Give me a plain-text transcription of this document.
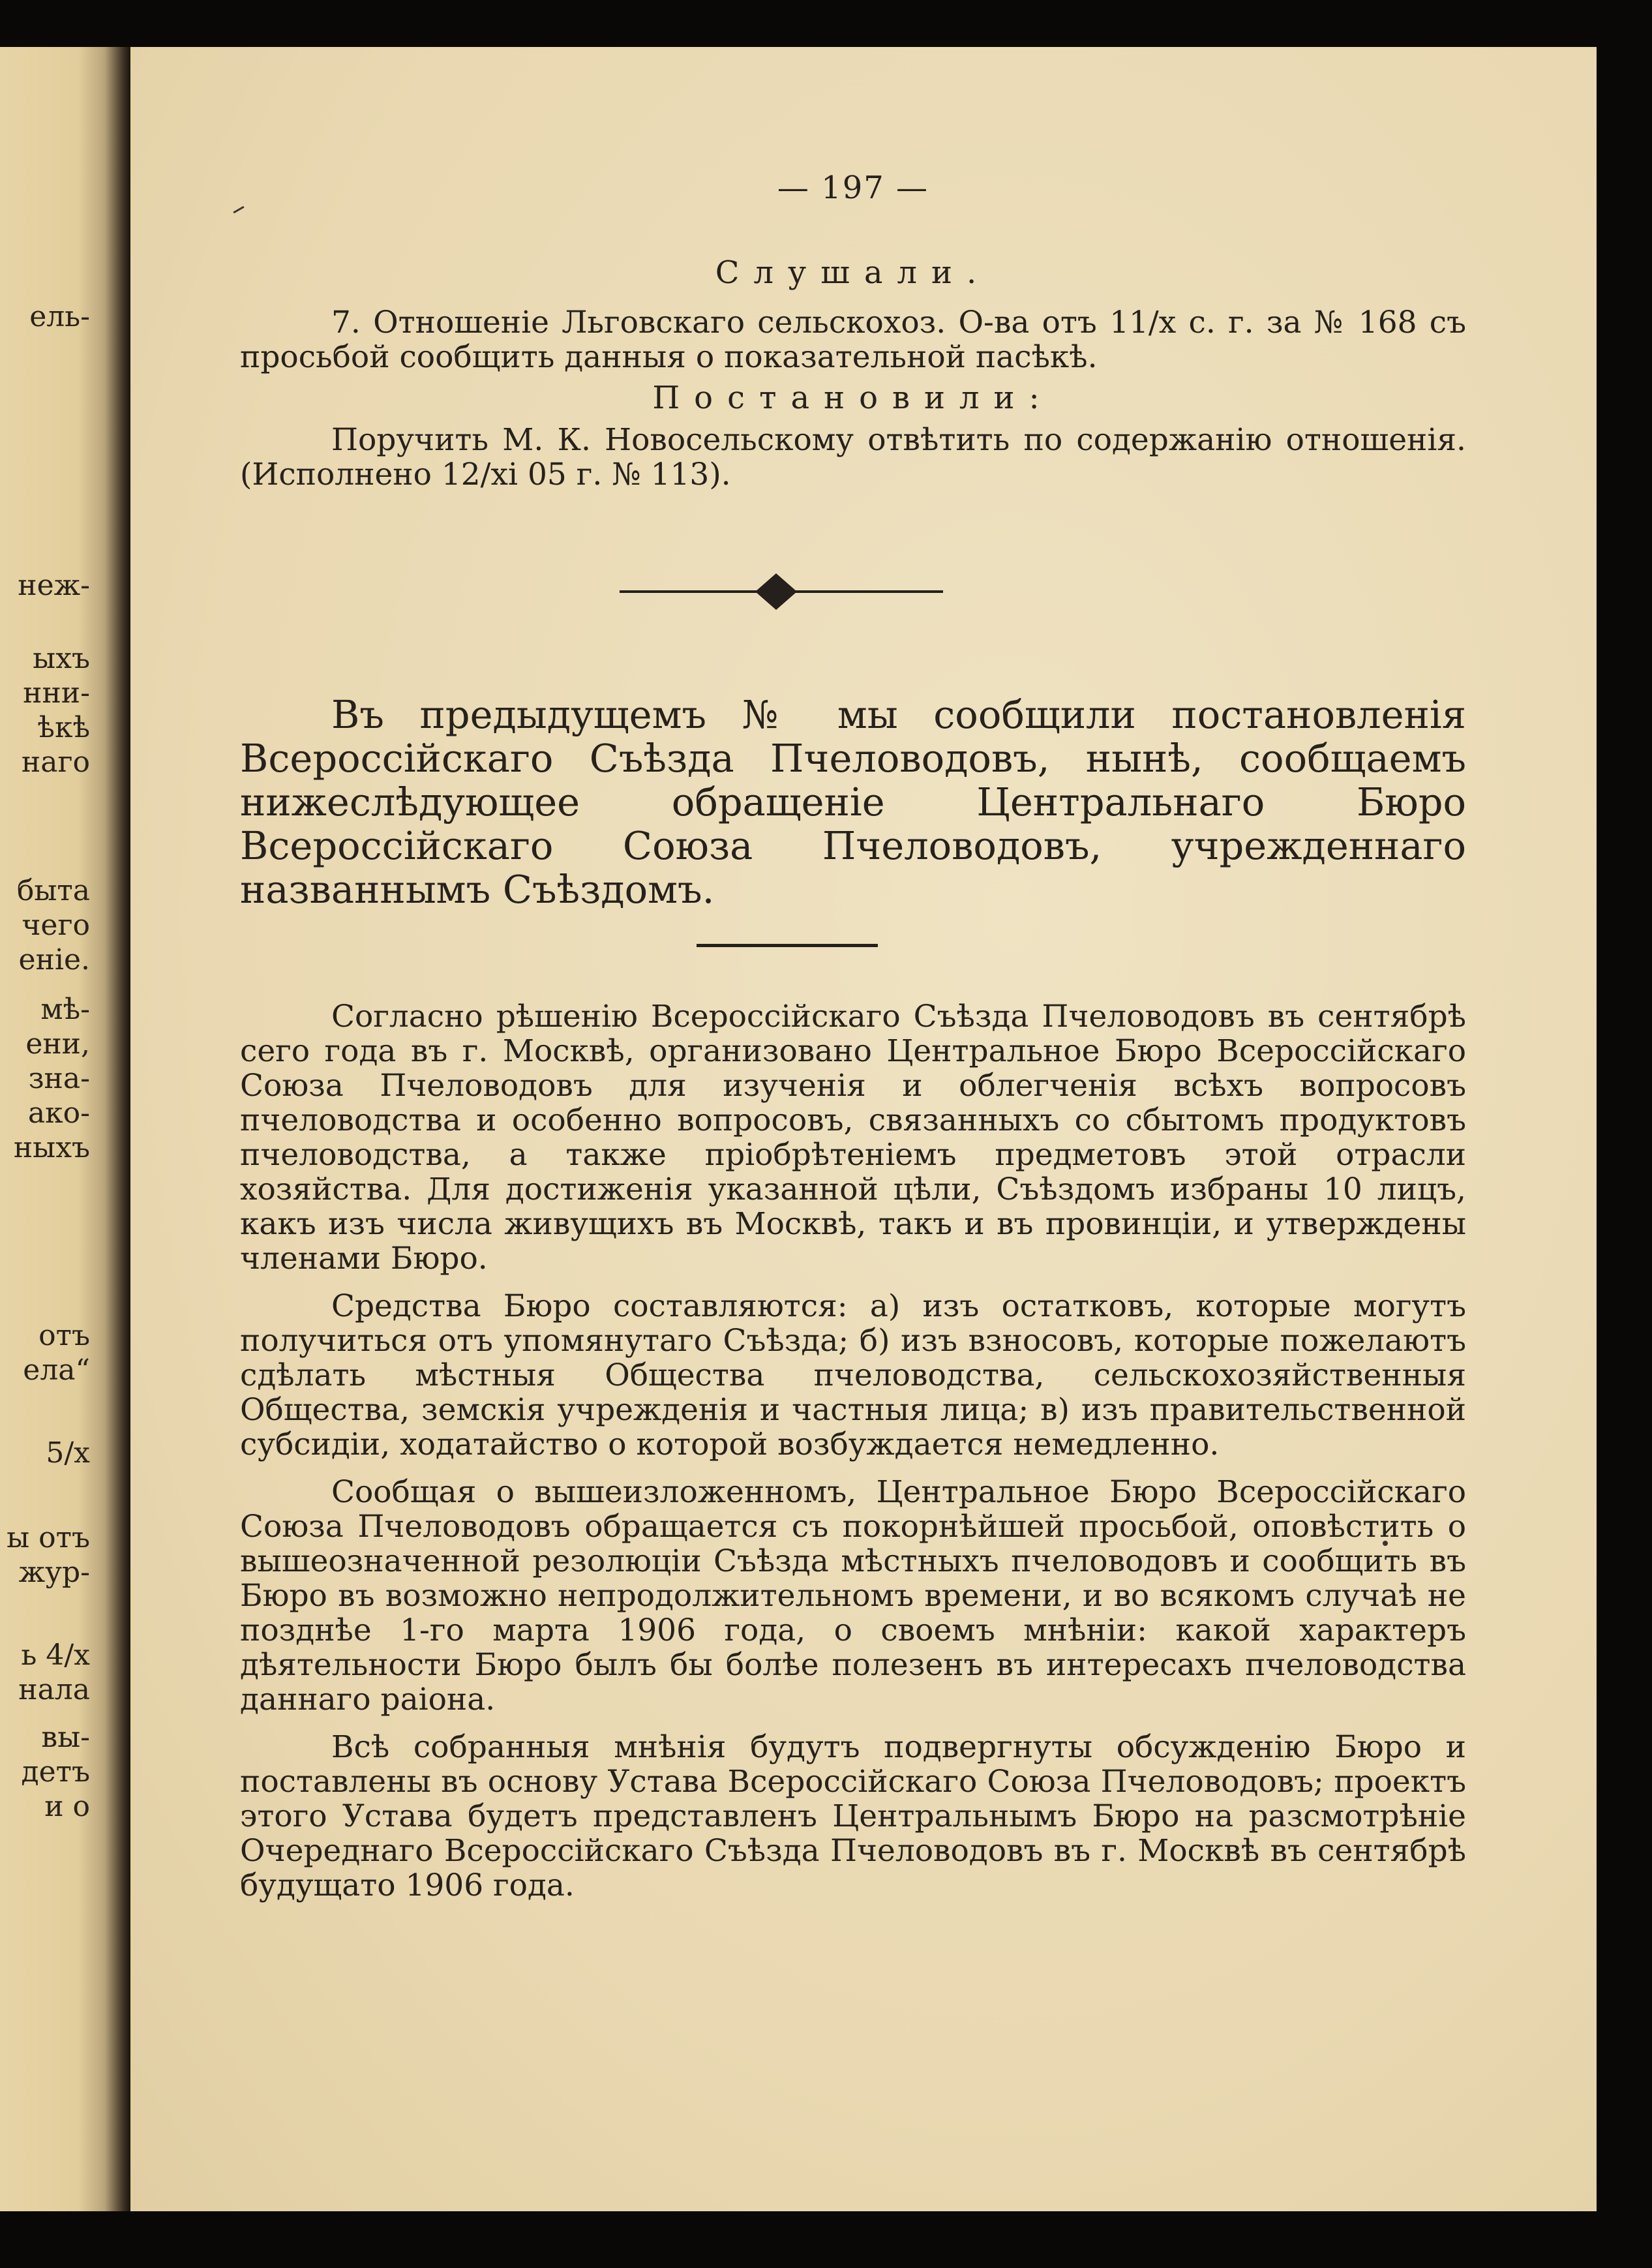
ель-
неж-
ыхъ
нни-
ѣкѣ
наго
быта
чего
еніе.
мѣ-
ени,
зна-
ако-
ныхъ
отъ
ела“
5/х
ы отъ
жур-
ь 4/х
нала
вы-
детъ
и о
— 197 —
Слушали.

7. Отношеніе Льговскаго сельскохоз. О-ва отъ 11/х с. г. за № 168 съ просьбой сообщить данныя о показательной пасѣкѣ.

Постановили:

Поручить М. К. Новосельскому отвѣтить по содержанію отношенія. (Исполнено 12/хі 05 г. № 113).

Въ предыдущемъ № мы сообщили постановленія Всероссійскаго Съѣзда Пчеловодовъ, нынѣ, сообщаемъ нижеслѣдующее обращеніе Центральнаго Бюро Всероссійскаго Союза Пчеловодовъ, учрежденнаго названнымъ Съѣздомъ.

Согласно рѣшенію Всероссійскаго Съѣзда Пчеловодовъ въ сентябрѣ сего года въ г. Москвѣ, организовано Центральное Бюро Всероссійскаго Союза Пчеловодовъ для изученія и облегченія всѣхъ вопросовъ пчеловодства и особенно вопросовъ, связанныхъ со сбытомъ продуктовъ пчеловодства, а также пріобрѣтеніемъ предметовъ этой отрасли хозяйства. Для достиженія указанной цѣли, Съѣздомъ избраны 10 лицъ, какъ изъ числа живущихъ въ Москвѣ, такъ и въ провинціи, и утверждены членами Бюро.

Средства Бюро составляются: а) изъ остатковъ, которые могутъ получиться отъ упомянутаго Съѣзда; б) изъ взносовъ, которые пожелаютъ сдѣлать мѣстныя Общества пчеловодства, сельскохозяйственныя Общества, земскія учрежденія и частныя лица; в) изъ правительственной субсидіи, ходатайство о которой возбуждается немедленно.

Сообщая о вышеизложенномъ, Центральное Бюро Всероссійскаго Союза Пчеловодовъ обращается съ покорнѣйшей просьбой, оповѣстить о вышеозначенной резолюціи Съѣзда мѣстныхъ пчеловодовъ и сообщить въ Бюро въ возможно непродолжительномъ времени, и во всякомъ случаѣ не позднѣе 1-го марта 1906 года, о своемъ мнѣніи: какой характеръ дѣятельности Бюро былъ бы болѣе полезенъ въ интересахъ пчеловодства даннаго раіона.

Всѣ собранныя мнѣнія будутъ подвергнуты обсужденію Бюро и поставлены въ основу Устава Всероссійскаго Союза Пчеловодовъ; проектъ этого Устава будетъ представленъ Центральнымъ Бюро на разсмотрѣніе Очереднаго Всероссійскаго Съѣзда Пчеловодовъ въ г. Москвѣ въ сентябрѣ будущато 1906 года.
